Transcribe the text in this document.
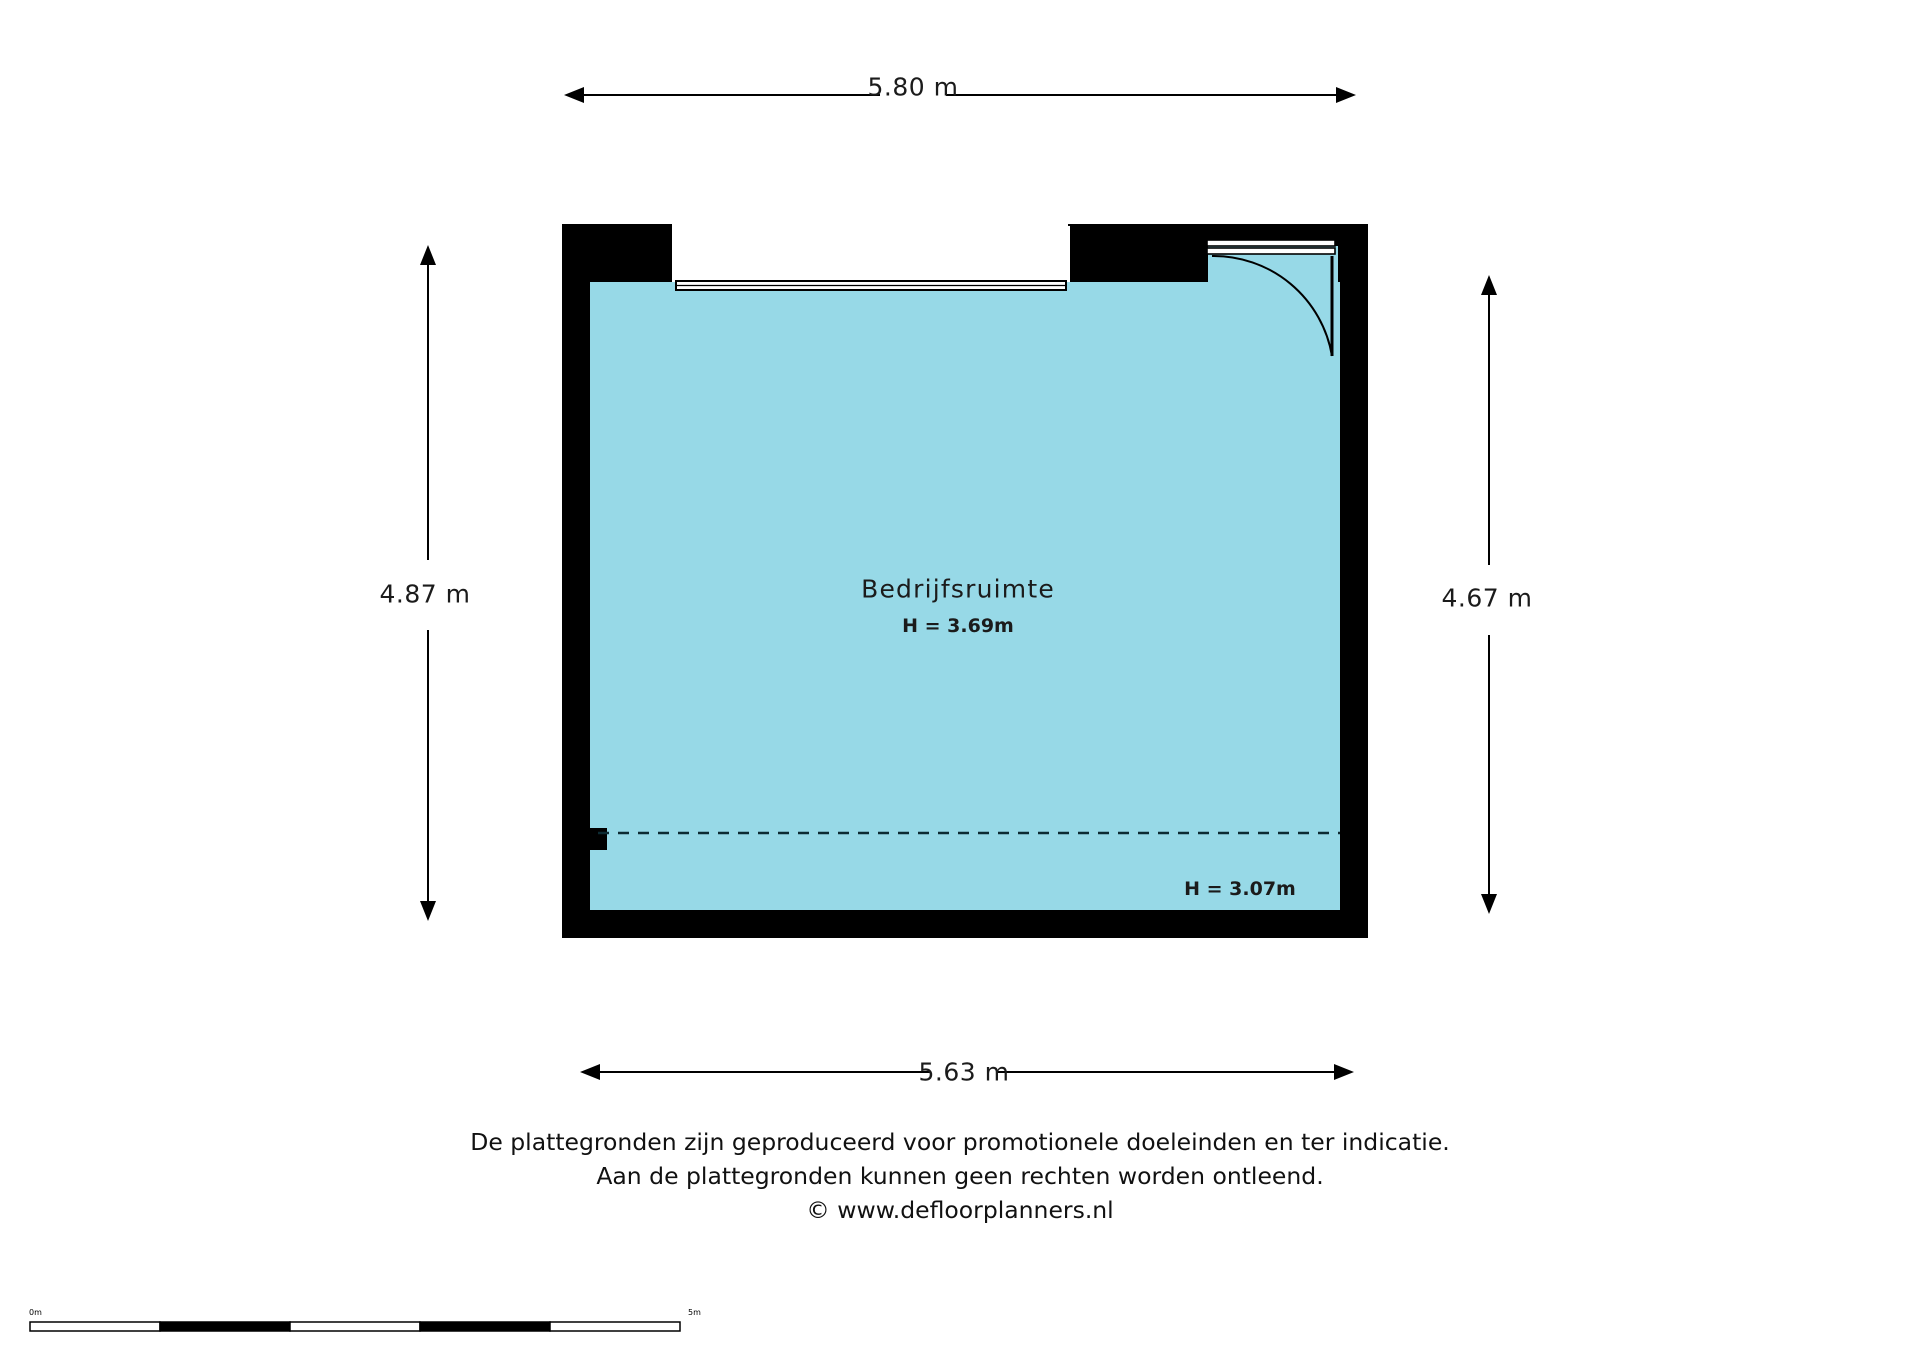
5.80 m
5.63 m
4.87 m	4.67 m
Bedrijfsruimte
H = 3.69m
H = 3.07m
De plattegronden zijn geproduceerd voor promotionele doeleinden en ter indicatie.
Aan de plattegronden kunnen geen rechten worden ontleend.
© www.defloorplanners.nl
0m	5m
